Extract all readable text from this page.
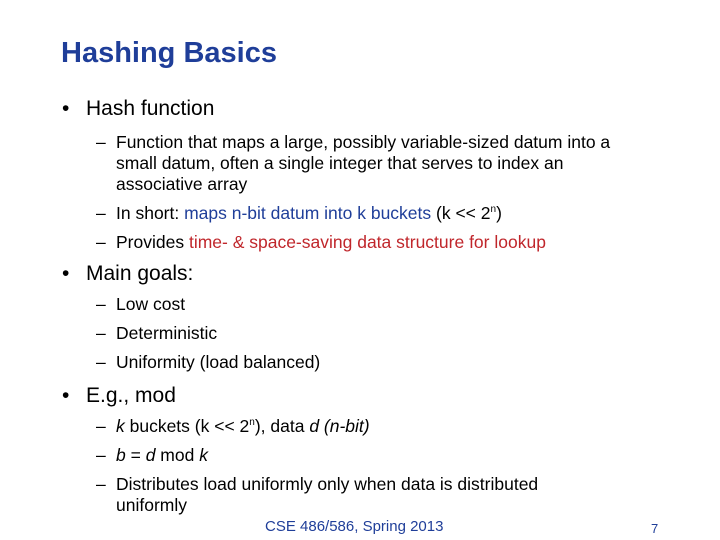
Hashing Basics
• Hash function
– Function that maps a large, possibly variable-sized datum into a small datum, often a single integer that serves to index an associative array
– In short: maps n-bit datum into k buckets $(k << 2^n)$
– Provides time- & space-saving data structure for lookup
• Main goals:
– Low cost
– Deterministic
– Uniformity (load balanced)
• E.g., mod
– k buckets $(k << 2^n)$, data d (n-bit)
– b = d mod k
– Distributes load uniformly only when data is distributed uniformly
CSE 486/586, Spring 2013	7
